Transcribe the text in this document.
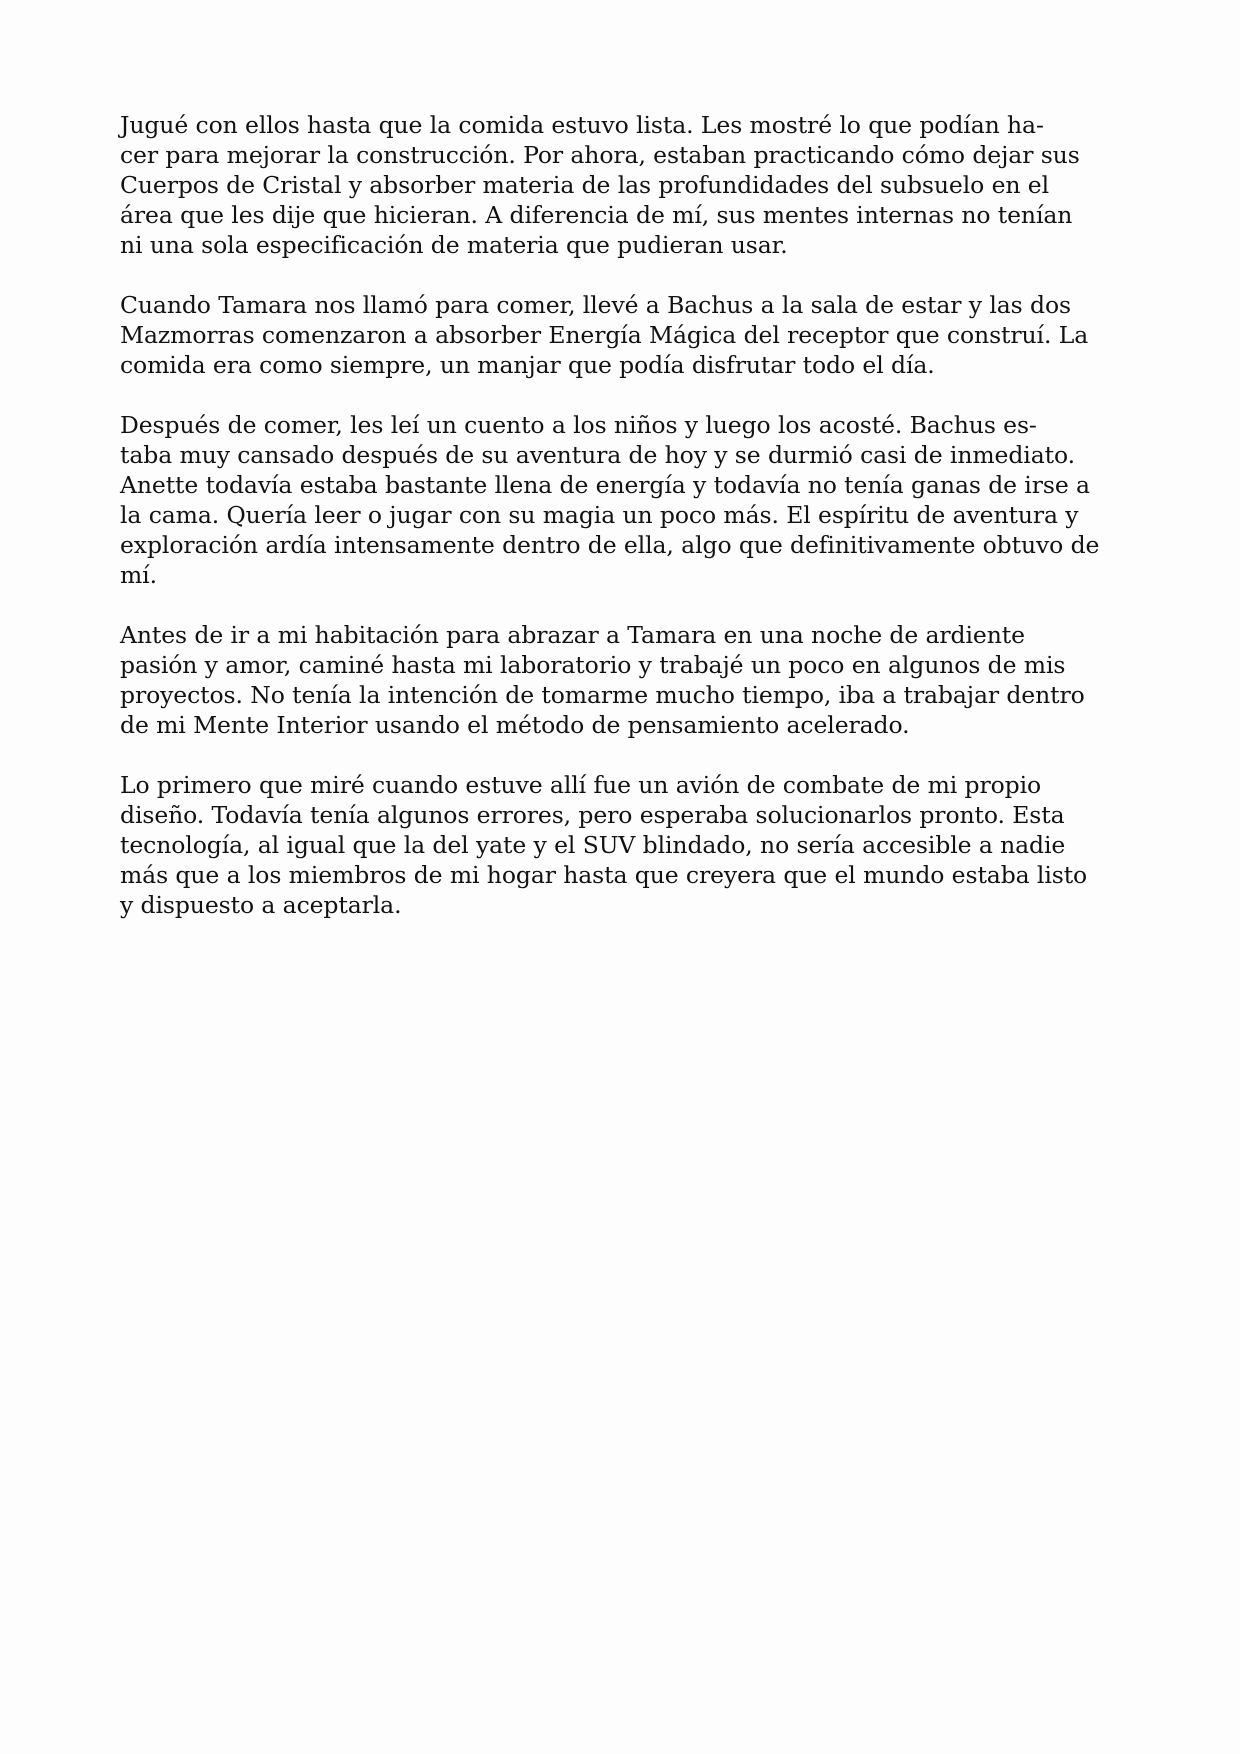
Jugué con ellos hasta que la comida estuvo lista. Les mostré lo que podían ha-
cer para mejorar la construcción. Por ahora, estaban practicando cómo dejar sus
Cuerpos de Cristal y absorber materia de las profundidades del subsuelo en el
área que les dije que hicieran. A diferencia de mí, sus mentes internas no tenían
ni una sola especificación de materia que pudieran usar.

Cuando Tamara nos llamó para comer, llevé a Bachus a la sala de estar y las dos
Mazmorras comenzaron a absorber Energía Mágica del receptor que construí. La
comida era como siempre, un manjar que podía disfrutar todo el día.

Después de comer, les leí un cuento a los niños y luego los acosté. Bachus es-
taba muy cansado después de su aventura de hoy y se durmió casi de inmediato.
Anette todavía estaba bastante llena de energía y todavía no tenía ganas de irse a
la cama. Quería leer o jugar con su magia un poco más. El espíritu de aventura y
exploración ardía intensamente dentro de ella, algo que definitivamente obtuvo de
mí.

Antes de ir a mi habitación para abrazar a Tamara en una noche de ardiente
pasión y amor, caminé hasta mi laboratorio y trabajé un poco en algunos de mis
proyectos. No tenía la intención de tomarme mucho tiempo, iba a trabajar dentro
de mi Mente Interior usando el método de pensamiento acelerado.

Lo primero que miré cuando estuve allí fue un avión de combate de mi propio
diseño. Todavía tenía algunos errores, pero esperaba solucionarlos pronto. Esta
tecnología, al igual que la del yate y el SUV blindado, no sería accesible a nadie
más que a los miembros de mi hogar hasta que creyera que el mundo estaba listo
y dispuesto a aceptarla.
